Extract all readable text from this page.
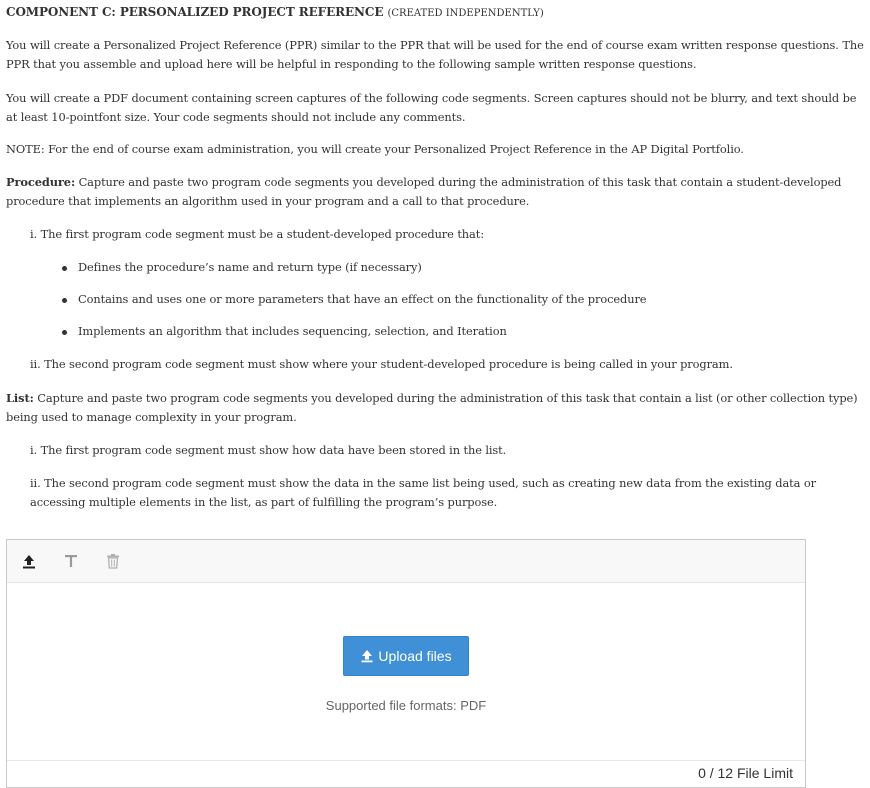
COMPONENT C: PERSONALIZED PROJECT REFERENCE (CREATED INDEPENDENTLY)
You will create a Personalized Project Reference (PPR) similar to the PPR that will be used for the end of course exam written response questions. The PPR that you assemble and upload here will be helpful in responding to the following sample written response questions.
You will create a PDF document containing screen captures of the following code segments. Screen captures should not be blurry, and text should be at least 10-pointfont size. Your code segments should not include any comments.
NOTE: For the end of course exam administration, you will create your Personalized Project Reference in the AP Digital Portfolio.
Procedure: Capture and paste two program code segments you developed during the administration of this task that contain a student-developed procedure that implements an algorithm used in your program and a call to that procedure.
i. The first program code segment must be a student-developed procedure that:
Defines the procedure’s name and return type (if necessary)
Contains and uses one or more parameters that have an effect on the functionality of the procedure
Implements an algorithm that includes sequencing, selection, and Iteration
ii. The second program code segment must show where your student-developed procedure is being called in your program.
List: Capture and paste two program code segments you developed during the administration of this task that contain a list (or other collection type) being used to manage complexity in your program.
i. The first program code segment must show how data have been stored in the list.
ii. The second program code segment must show the data in the same list being used, such as creating new data from the existing data or accessing multiple elements in the list, as part of fulfilling the program’s purpose.
Upload files
Supported file formats: PDF
0 / 12 File Limit
